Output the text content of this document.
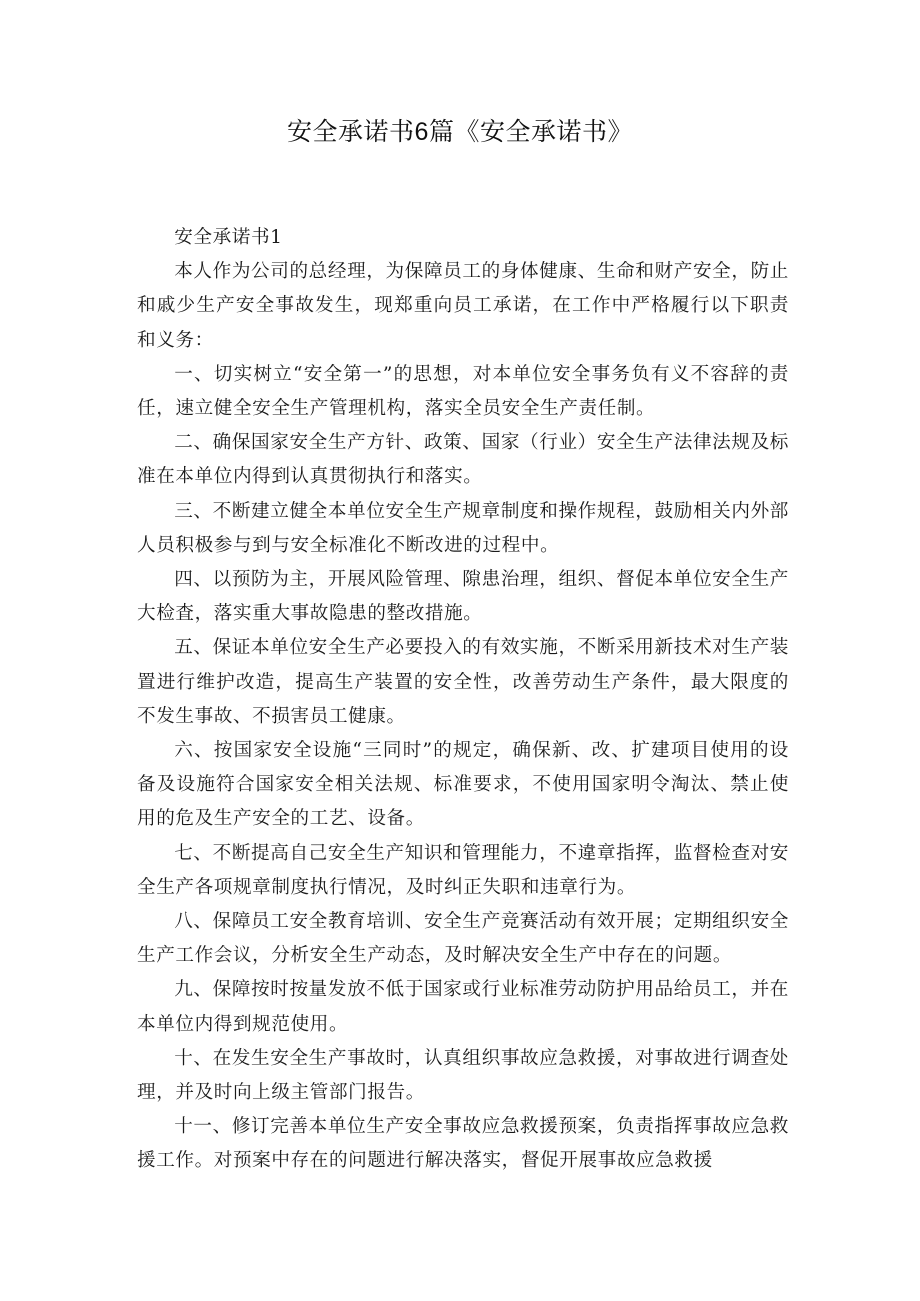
安全承诺书6篇《安全承诺书》

安全承诺书1

本人作为公司的总经理，为保障员工的身体健康、生命和财产安全，防止和戚少生产安全事故发生，现郑重向员工承诺，在工作中严格履行以下职责和义务：

一、切实树立“安全第一”的思想，对本单位安全事务负有义不容辞的责任，速立健全安全生产管理机构，落实全员安全生产责任制。

二、确保国家安全生产方针、政策、国家（行业）安全生产法律法规及标准在本单位内得到认真贯彻执行和落实。

三、不断建立健全本单位安全生产规章制度和操作规程，鼓励相关内外部人员积极参与到与安全标准化不断改进的过程中。

四、以预防为主，开展风险管理、隙患治理，组织、督促本单位安全生产大检査，落实重大事故隐患的整改措施。

五、保证本单位安全生产必要投入的有效实施，不断采用新技术对生产装置进行维护改造，提高生产装置的安全性，改善劳动生产条件，最大限度的不发生事故、不损害员工健康。

六、按国家安全设施“三同时”的规定，确保新、改、扩建项目使用的设备及设施符合国家安全相关法规、标准要求，不使用国家明令淘汰、禁止使用的危及生产安全的工艺、设备。

七、不断提高自己安全生产知识和管理能力，不違章指挥，监督检查对安全生产各项规章制度执行情况，及时纠正失职和违章行为。

八、保障员工安全教育培训、安全生产竞赛活动有效开展；定期组织安全生产工作会议，分析安全生产动态，及时解决安全生产中存在的问题。

九、保障按时按量发放不低于国家或行业标准劳动防护用品给员工，并在本单位内得到规范使用。

十、在发生安全生产事故时，认真组织事故应急救援，对事故进行调查处理，并及时向上级主管部门报告。

十一、修订完善本单位生产安全事故应急救援预案，负责指挥事故应急救援工作。对预案中存在的问题进行解决落实，督促开展事故应急救援
